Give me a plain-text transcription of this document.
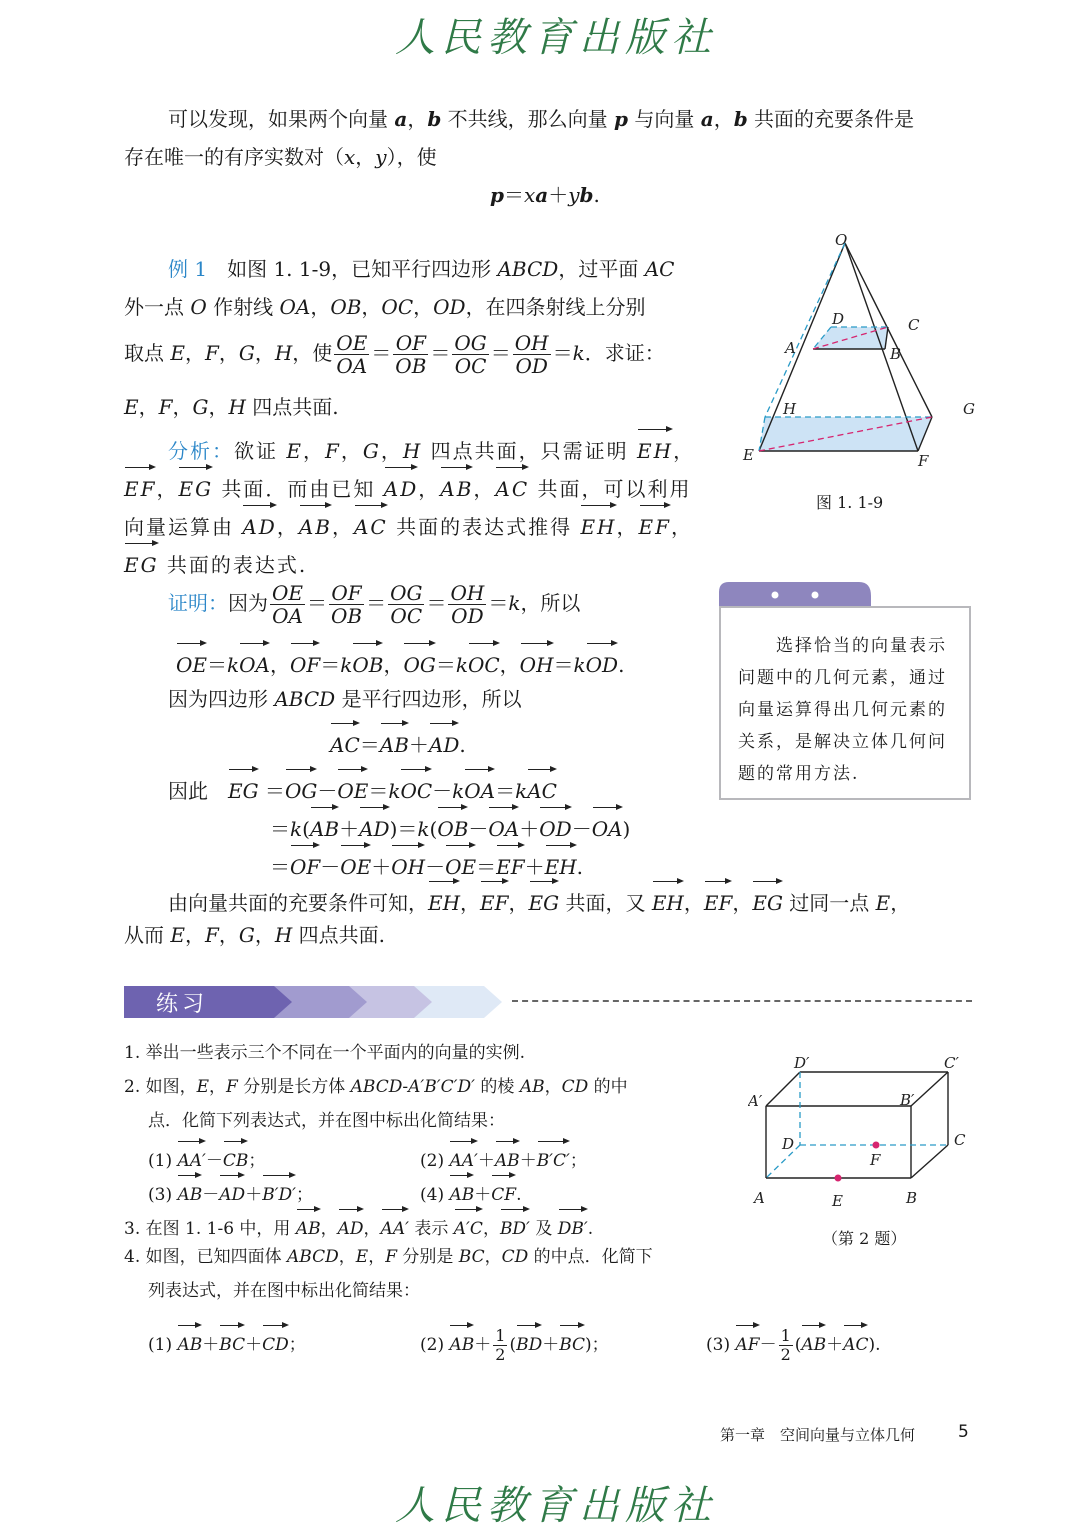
人民教育出版社
可以发现，如果两个向量 a，b 不共线，那么向量 p 与向量 a，b 共面的充要条件是
存在唯一的有序实数对（x，y），使
p＝xa＋yb.
例 1　如图 1. 1-9，已知平行四边形 ABCD，过平面 AC
外一点 O 作射线 OA，OB，OC，OD，在四条射线上分别
取点 E，F，G，H，使 $\frac{OE}{OA} = \frac{OF}{OB} = \frac{OG}{OC} = \frac{OH}{OD} =k$．求证：
E，F，G，H 四点共面.
分析：欲证 E，F，G，H 四点共面，只需证明 EH，
EF，EG 共面．而由已知 AD，AB，AC 共面，可以利用
向量运算由 AD，AB，AC 共面的表达式推得 EH，EF，
EG 共面的表达式.
证明：因为 $\frac{OE}{OA} = \frac{OF}{OB} = \frac{OG}{OC} = \frac{OH}{OD} =k$，所以
OE＝kOA，OF＝kOB，OG＝kOC，OH＝kOD.
因为四边形 ABCD 是平行四边形，所以
AC＝AB＋AD.
因此　 EG ＝OG－OE＝kOC－kOA＝kAC
＝k(AB＋AD)＝k(OB－OA＋OD－OA)
＝OF－OE＋OH－OE＝EF＋EH.
由向量共面的充要条件可知，EH，EF，EG 共面，又 EH，EF，EG 过同一点 E，
从而 E，F，G，H 四点共面.
O
A	B
C
D
E	F
G
H
图 1. 1-9
选择恰当的向量表示
问题中的几何元素，通过
向量运算得出几何元素的
关系，是解决立体几何问
题的常用方法.
练习
1. 举出一些表示三个不同在一个平面内的向量的实例.
2. 如图，E，F 分别是长方体 ABCD-A′B′C′D′ 的棱 AB，CD 的中
点．化简下列表达式，并在图中标出化简结果：
(1) AA′－CB；	(2) AA′＋AB＋B′C′；
(3) AB－AD＋B′D′；	(4) AB＋CF.
3. 在图 1. 1-6 中，用 AB，AD，AA′ 表示 A′C，BD′ 及 DB′.
4. 如图，已知四面体 ABCD，E，F 分别是 BC，CD 的中点．化简下
列表达式，并在图中标出化简结果：
(1) AB＋BC＋CD；	(2) $AB+ \frac{1}{2} (BD+BC)$；	(3) $AF- \frac{1}{2} (AB+AC)$.
A	B
C
D
A′	B′
C′
D′
E
F
（第 2 题）
第一章　空间向量与立体几何	5
人民教育出版社
